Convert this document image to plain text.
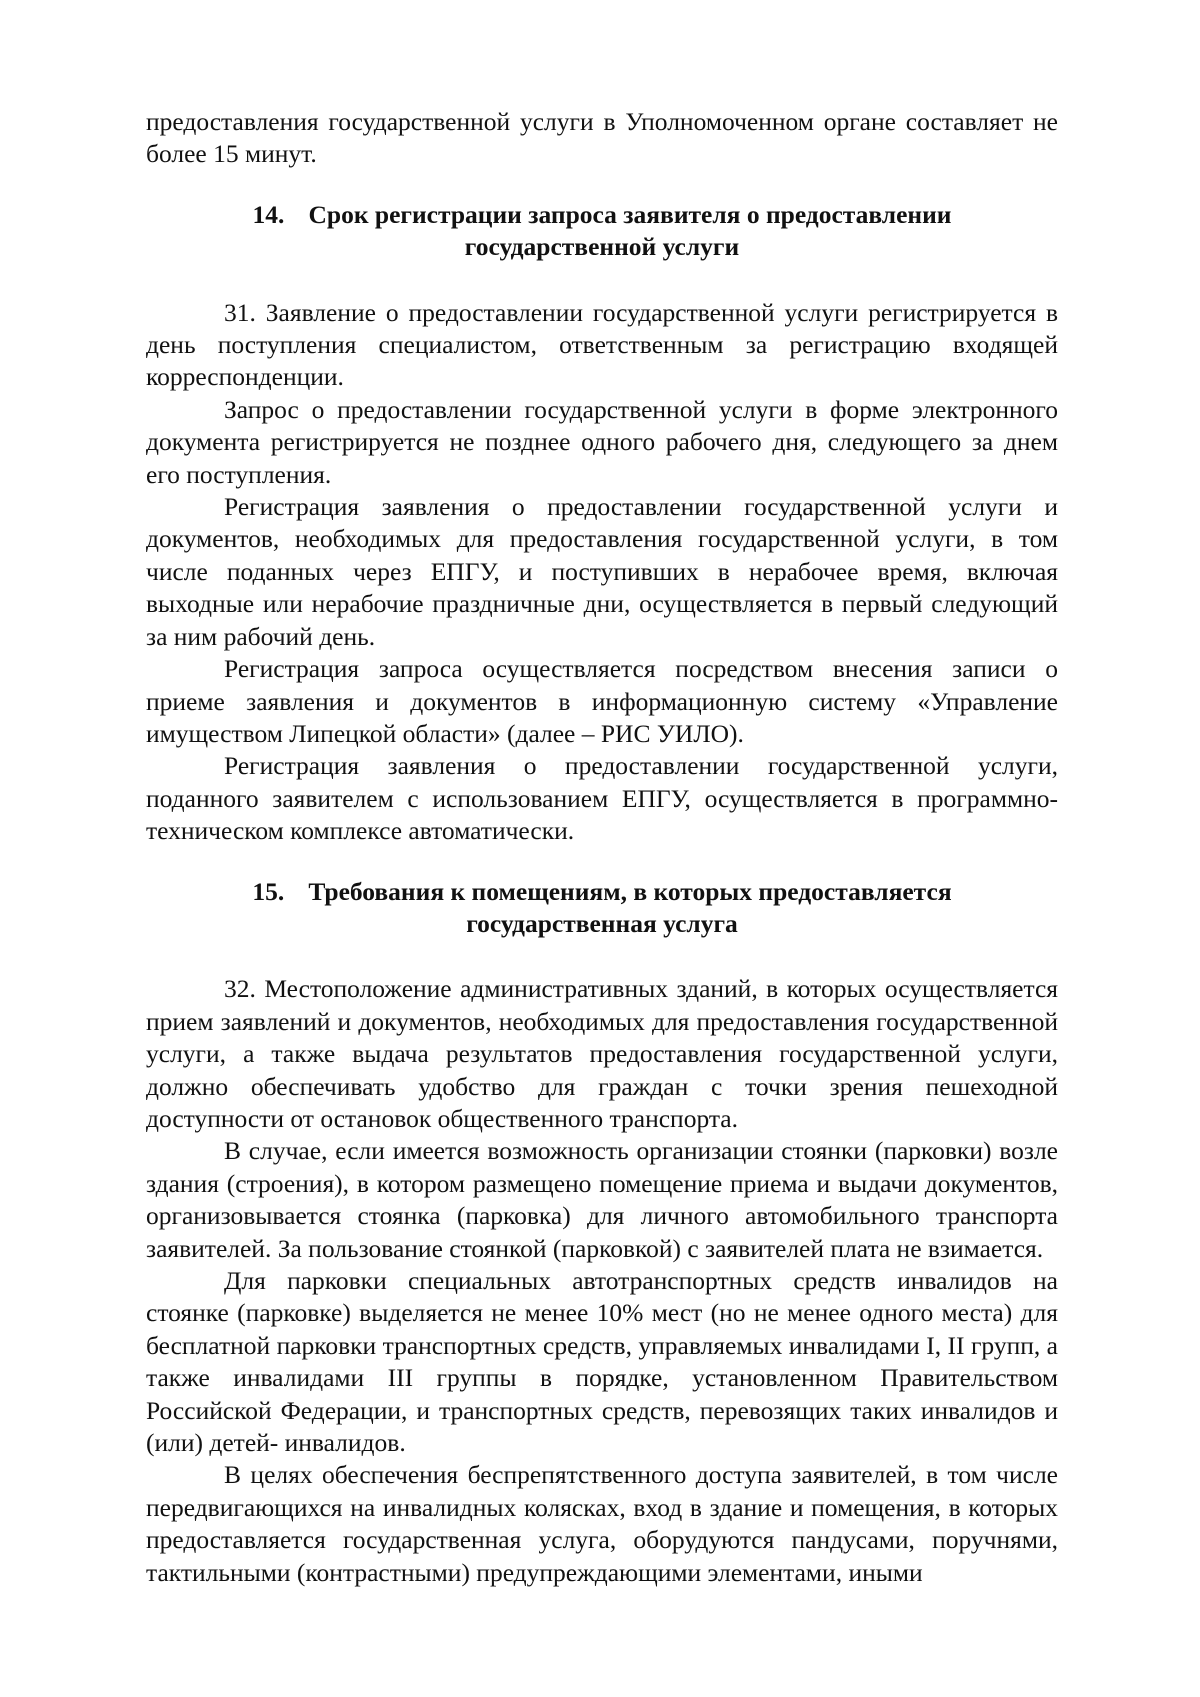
предоставления государственной услуги в Уполномоченном органе составляет не более 15 минут.

14. Срок регистрации запроса заявителя о предоставлении
государственной услуги

31. Заявление о предоставлении государственной услуги регистрируется в день поступления специалистом, ответственным за регистрацию входящей корреспонденции.

Запрос о предоставлении государственной услуги в форме электронного документа регистрируется не позднее одного рабочего дня, следующего за днем его поступления.

Регистрация заявления о предоставлении государственной услуги и документов, необходимых для предоставления государственной услуги, в том числе поданных через ЕПГУ, и поступивших в нерабочее время, включая выходные или нерабочие праздничные дни, осуществляется в первый следующий за ним рабочий день.

Регистрация запроса осуществляется посредством внесения записи о приеме заявления и документов в информационную систему «Управление имуществом Липецкой области» (далее – РИС УИЛО).

Регистрация заявления о предоставлении государственной услуги, поданного заявителем с использованием ЕПГУ, осуществляется в программно-техническом комплексе автоматически.

15. Требования к помещениям, в которых предоставляется
государственная услуга

32. Местоположение административных зданий, в которых осуществляется прием заявлений и документов, необходимых для предоставления государственной услуги, а также выдача результатов предоставления государственной услуги, должно обеспечивать удобство для граждан с точки зрения пешеходной доступности от остановок общественного транспорта.

В случае, если имеется возможность организации стоянки (парковки) возле здания (строения), в котором размещено помещение приема и выдачи документов, организовывается стоянка (парковка) для личного автомобильного транспорта заявителей. За пользование стоянкой (парковкой) с заявителей плата не взимается.

Для парковки специальных автотранспортных средств инвалидов на стоянке (парковке) выделяется не менее 10% мест (но не менее одного места) для бесплатной парковки транспортных средств, управляемых инвалидами I, II групп, а также инвалидами III группы в порядке, установленном Правительством Российской Федерации, и транспортных средств, перевозящих таких инвалидов и (или) детей- инвалидов.

В целях обеспечения беспрепятственного доступа заявителей, в том числе передвигающихся на инвалидных колясках, вход в здание и помещения, в которых предоставляется государственная услуга, оборудуются пандусами, поручнями, тактильными (контрастными) предупреждающими элементами, иными
